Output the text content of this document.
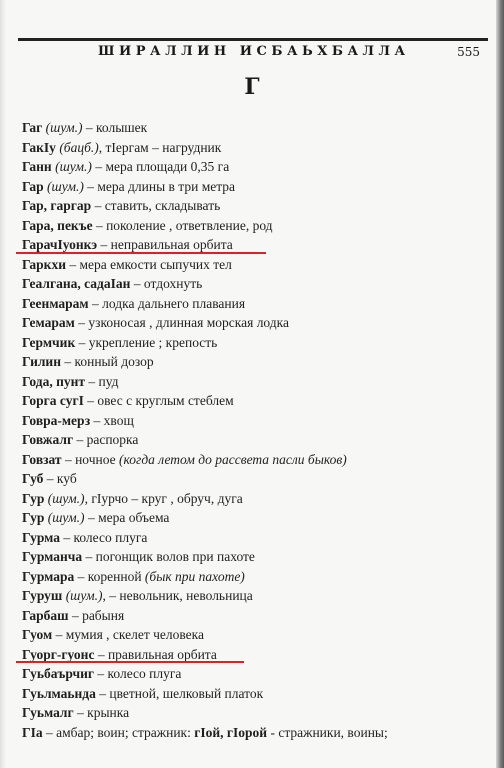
ШИРАЛЛИН ИСБАЬХБАЛЛА	555
Г
Гаг (шум.) – колышек
ГакIу (бацб.), тIергам – нагрудник
Ганн (шум.) – мера площади 0,35 га
Гар (шум.) – мера длины в три метра
Гар, гаргар – ставить, складывать
Гара, пекъе – поколение , ответвление, род
ГарачIуонкэ – неправильная орбита
Гаркхи – мера емкости сыпучих тел
Геалгана, садаIан – отдохнуть
Геенмарам – лодка дальнего плавания
Гемарам – узконосая , длинная морская лодка
Гермчик – укрепление ; крепость
Гилин – конный дозор
Года, пунт – пуд
Горга сугI – овес с круглым стеблем
Говра-мерз – хвощ
Говжалг – распорка
Говзат – ночное (когда летом до рассвета пасли быков)
Губ – куб
Гур (шум.), гIурчо – круг , обруч, дуга
Гур (шум.) – мера объема
Гурма – колесо плуга
Гурманча – погонщик волов при пахоте
Гурмара – коренной (бык при пахоте)
Гуруш (шум.), – невольник, невольница
Гарбаш – рабыня
Гуом – мумия , скелет человека
Гуорг-гуонс – правильная орбита
Гуьбаърчиг – колесо плуга
Гуьлмаьнда – цветной, шелковый платок
Гуьмалг – крынка
ГIа – амбар; воин; стражник: гIой, гIорой - стражники, воины;
